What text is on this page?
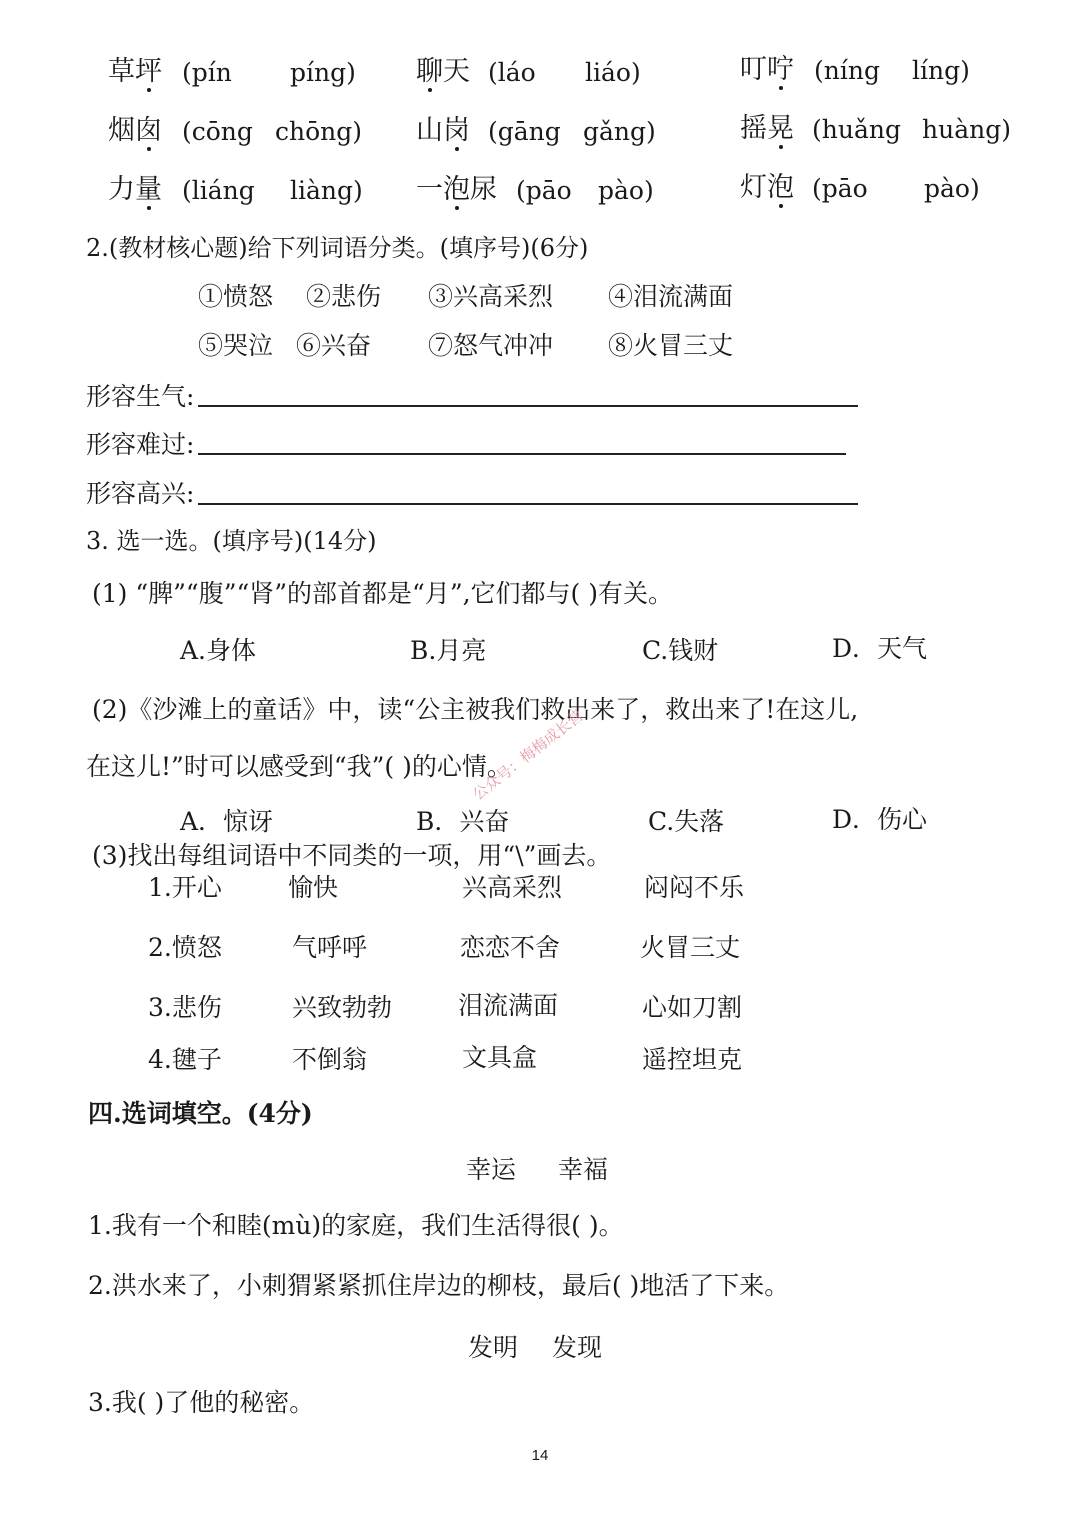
草坪 (pín píng) 聊天 (láo liáo)	叮咛 (níng líng)
烟囱 (cōng chōng) 山岗 (gāng gǎng)	摇晃 (huǎng huàng)
力量 (liáng liàng) 一泡尿 (pāo pào)	灯泡 (pāo pào)
2.(教材核心题)给下列词语分类。(填序号)(6分)
①愤怒 ②悲伤 ③兴高采烈 ④泪流满面
⑤哭泣 ⑥兴奋 ⑦怒气冲冲 ⑧火冒三丈
形容生气:
形容难过:
形容高兴:
3. 选一选。(填序号)(14分)
(1) “脾”“腹”“肾”的部首都是“月”,它们都与( )有关。
A.身体	B.月亮	C.钱财	D．天气
(2)《沙滩上的童话》中，读“公主被我们救出来了，救出来了!在这儿,
在这儿!”时可以感受到“我”( )的心情。
A．惊讶	B．兴奋	C.失落	D．伤心
(3)找出每组词语中不同类的一项，用“\”画去。
1.开心	愉快	兴高采烈	闷闷不乐
2.愤怒	气呼呼	恋恋不舍	火冒三丈
3.悲伤	兴致勃勃	泪流满面	心如刀割
4.毽子	不倒翁	文具盒	遥控坦克
四.选词填空。(4分)
幸运 幸福
1.我有一个和睦(mù)的家庭，我们生活得很( )。
2.洪水来了，小刺猬紧紧抓住岸边的柳枝，最后( )地活了下来。
发明 发现
3.我( )了他的秘密。
公众号：梅梅成长营
14
